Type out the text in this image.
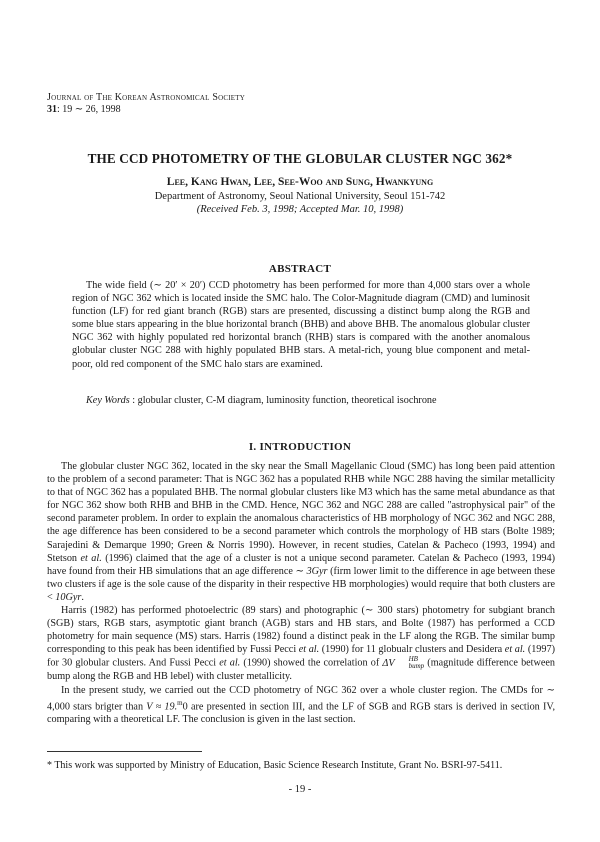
Journal of The Korean Astronomical Society
31: 19 ∼ 26, 1998
THE CCD PHOTOMETRY OF THE GLOBULAR CLUSTER NGC 362*
Lee, Kang Hwan, Lee, See-Woo and Sung, Hwankyung
Department of Astronomy, Seoul National University, Seoul 151-742
(Received Feb. 3, 1998; Accepted Mar. 10, 1998)
ABSTRACT

The wide field (∼ 20′ × 20′) CCD photometry has been performed for more than 4,000 stars over a whole region of NGC 362 which is located inside the SMC halo. The Color-Magnitude diagram (CMD) and luminosit function (LF) for red giant branch (RGB) stars are presented, discussing a distinct bump along the RGB and some blue stars appearing in the blue horizontal branch (BHB) and above BHB. The anomalous globular cluster NGC 362 with highly populated red horizontal branch (RHB) stars is compared with the another anomalous globular cluster NGC 288 with highly populated BHB stars. A metal-rich, young blue component and metal-poor, old red component of the SMC halo stars are examined.

Key Words : globular cluster, C-M diagram, luminosity function, theoretical isochrone

I. INTRODUCTION

The globular cluster NGC 362, located in the sky near the Small Magellanic Cloud (SMC) has long been paid attention to the problem of a second parameter: That is NGC 362 has a populated RHB while NGC 288 having the similar metallicity to that of NGC 362 has a populated BHB. The normal globular clusters like M3 which has the same metal abundance as that for NGC 362 show both RHB and BHB in the CMD. Hence, NGC 362 and NGC 288 are called "astrophysical pair" of the second parameter problem. In order to explain the anomalous characteristics of HB morphology of NGC 362 and NGC 288, the age difference has been considered to be a second parameter which controls the morphology of HB stars (Bolte 1989; Sarajedini & Demarque 1990; Green & Norris 1990). However, in recent studies, Catelan & Pacheco (1993, 1994) and Stetson et al. (1996) claimed that the age of a cluster is not a unique second parameter. Catelan & Pacheco (1993, 1994) have found from their HB simulations that an age difference ∼ 3Gyr (firm lower limit to the difference in age between these two clusters if age is the sole cause of the disparity in their respective HB morphologies) would require that both clusters are < 10Gyr.

Harris (1982) has performed photoelectric (89 stars) and photographic (∼ 300 stars) photometry for subgiant branch (SGB) stars, RGB stars, asymptotic giant branch (AGB) stars and HB stars, and Bolte (1987) has performed a CCD photometry for main sequence (MS) stars. Harris (1982) found a distinct peak in the LF along the RGB. The similar bump corresponding to this peak has been identified by Fussi Pecci et al. (1990) for 11 globualr clusters and Desidera et al. (1997) for 30 globular clusters. And Fussi Pecci et al. (1990) showed the correlation of ΔV	HB
bump (magnitude difference between bump along the RGB and HB lebel) with cluster metallicity.

In the present study, we carried out the CCD photometry of NGC 362 over a whole cluster region. The CMDs for ∼ 4,000 stars brigter than V ≈ 19.$^m$0 are presented in section III, and the LF of SGB and RGB stars is derived in section IV, comparing with a theoretical LF. The conclusion is given in the last section.

* This work was supported by Ministry of Education, Basic Science Research Institute, Grant No. BSRI-97-5411.
- 19 -
